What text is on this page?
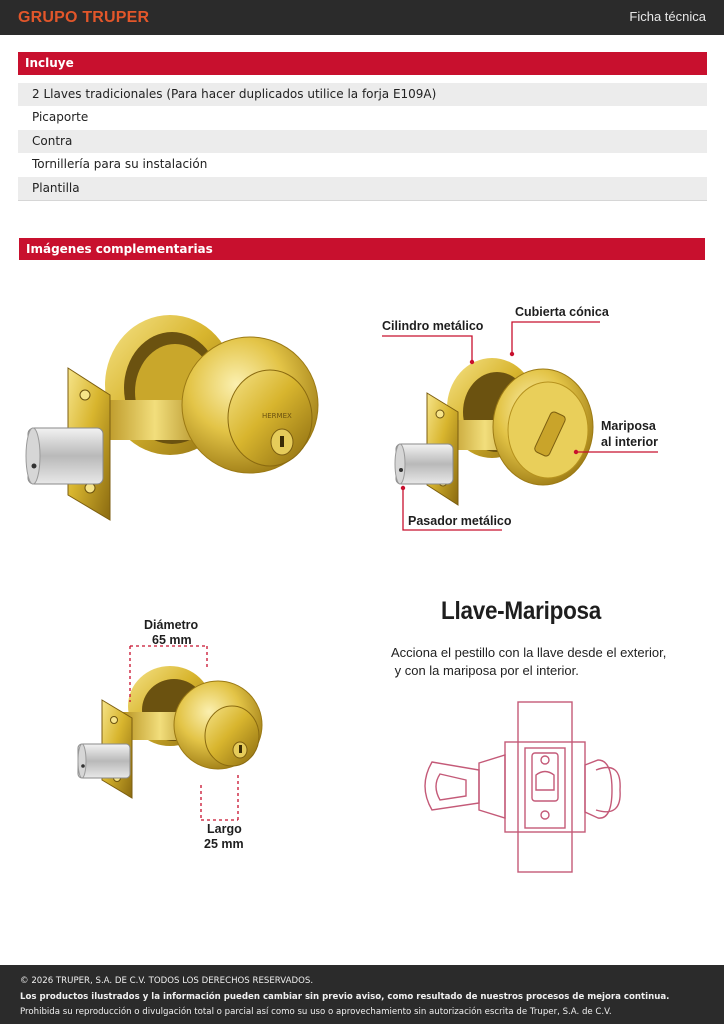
GRUPO TRUPER	Ficha técnica
Incluye
2 Llaves tradicionales (Para hacer duplicados utilice la forja E109A)
Picaporte
Contra
Tornillería para su instalación
Plantilla
Imágenes complementarias
HERMEX
Cilindro metálico
Cubierta cónica
Mariposa
al interior
Pasador metálico
Diámetro
65 mm
Largo
25 mm
Llave-Mariposa
Acciona el pestillo con la llave desde el exterior,
y con la mariposa por el interior.
© 2026 TRUPER, S.A. DE C.V. TODOS LOS DERECHOS RESERVADOS.
Los productos ilustrados y la información pueden cambiar sin previo aviso, como resultado de nuestros procesos de mejora continua.
Prohibida su reproducción o divulgación total o parcial así como su uso o aprovechamiento sin autorización escrita de Truper, S.A. de C.V.
